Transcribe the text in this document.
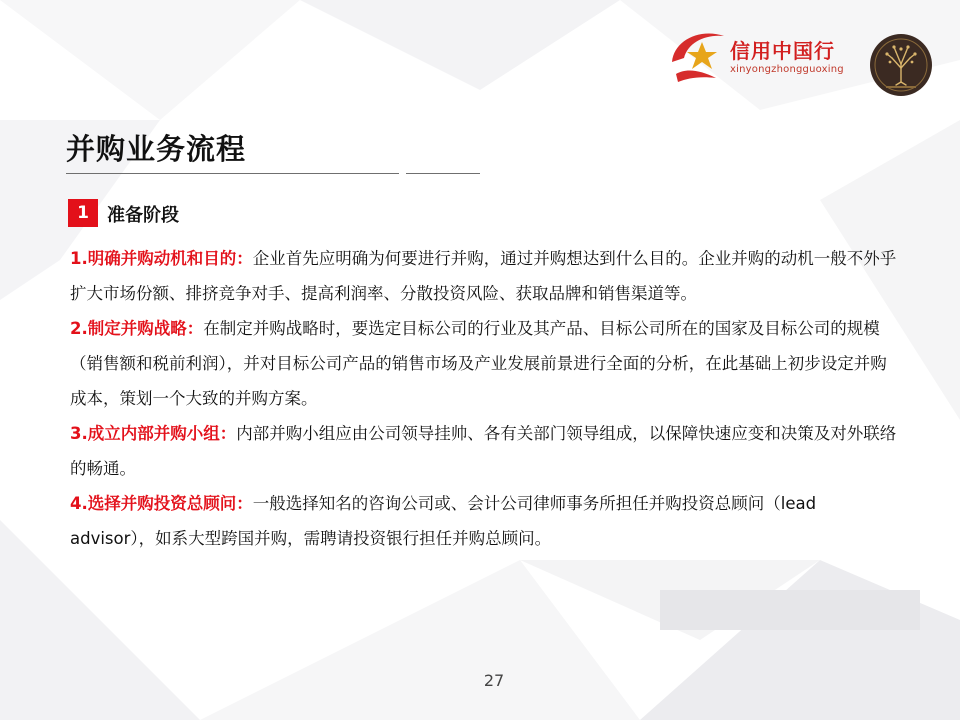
信用中国行
xinyongzhongguoxing
并购业务流程
1	准备阶段

1.明确并购动机和目的：企业首先应明确为何要进行并购，通过并购想达到什么目的。企业并购的动机一般不外乎扩大市场份额、排挤竞争对手、提高利润率、分散投资风险、获取品牌和销售渠道等。

2.制定并购战略：在制定并购战略时，要选定目标公司的行业及其产品、目标公司所在的国家及目标公司的规模（销售额和税前利润），并对目标公司产品的销售市场及产业发展前景进行全面的分析，在此基础上初步设定并购成本，策划一个大致的并购方案。

3.成立内部并购小组：内部并购小组应由公司领导挂帅、各有关部门领导组成，以保障快速应变和决策及对外联络的畅通。

4.选择并购投资总顾问：一般选择知名的咨询公司或、会计公司律师事务所担任并购投资总顾问（lead advisor），如系大型跨国并购，需聘请投资银行担任并购总顾问。

27
